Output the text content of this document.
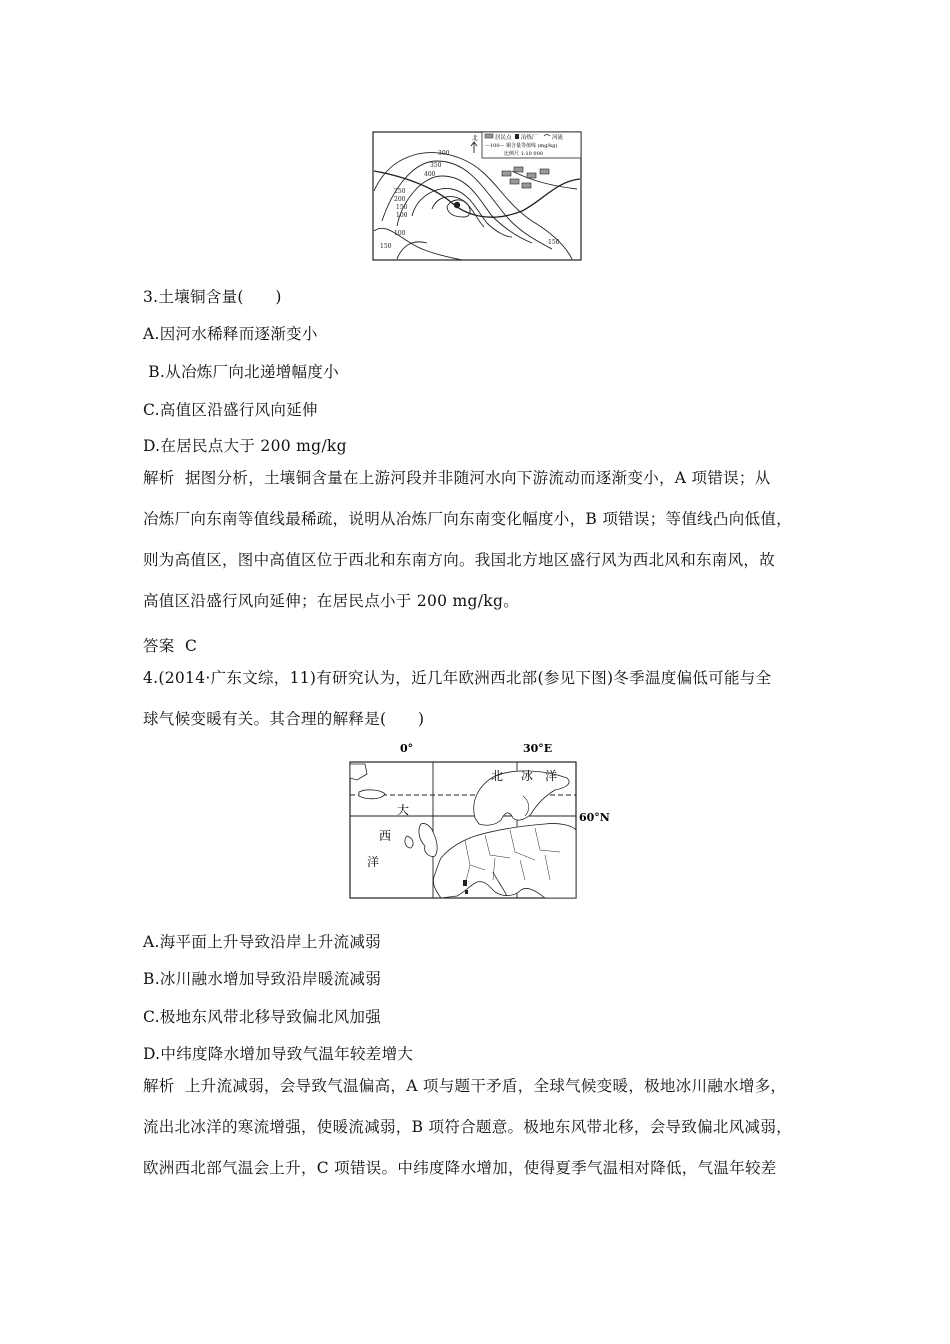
居民点 冶炼厂	河流
—100— 铜含量等值线 (mg/kg)
比例尺 1:10 000
北
300
350
400
250
200
150
100
100
150
150
3.土壤铜含量(　　)
A.因河水稀释而逐渐变小
B.从冶炼厂向北递增幅度小
C.高值区沿盛行风向延伸
D.在居民点大于 200 mg/kg
解析 据图分析，土壤铜含量在上游河段并非随河水向下游流动而逐渐变小，A 项错误；从
冶炼厂向东南等值线最稀疏，说明从冶炼厂向东南变化幅度小，B 项错误；等值线凸向低值，
则为高值区，图中高值区位于西北和东南方向。我国北方地区盛行风为西北风和东南风，故
高值区沿盛行风向延伸；在居民点小于 200 mg/kg。
答案 C
4.(2014·广东文综，11)有研究认为，近几年欧洲西北部(参见下图)冬季温度偏低可能与全
球气候变暖有关。其合理的解释是(　　)
0°	30°E
60°N
北 冰 洋
大
西
洋
A.海平面上升导致沿岸上升流减弱
B.冰川融水增加导致沿岸暖流减弱
C.极地东风带北移导致偏北风加强
D.中纬度降水增加导致气温年较差增大
解析 上升流减弱，会导致气温偏高，A 项与题干矛盾，全球气候变暖，极地冰川融水增多，
流出北冰洋的寒流增强，使暖流减弱，B 项符合题意。极地东风带北移，会导致偏北风减弱，
欧洲西北部气温会上升，C 项错误。中纬度降水增加，使得夏季气温相对降低，气温年较差
